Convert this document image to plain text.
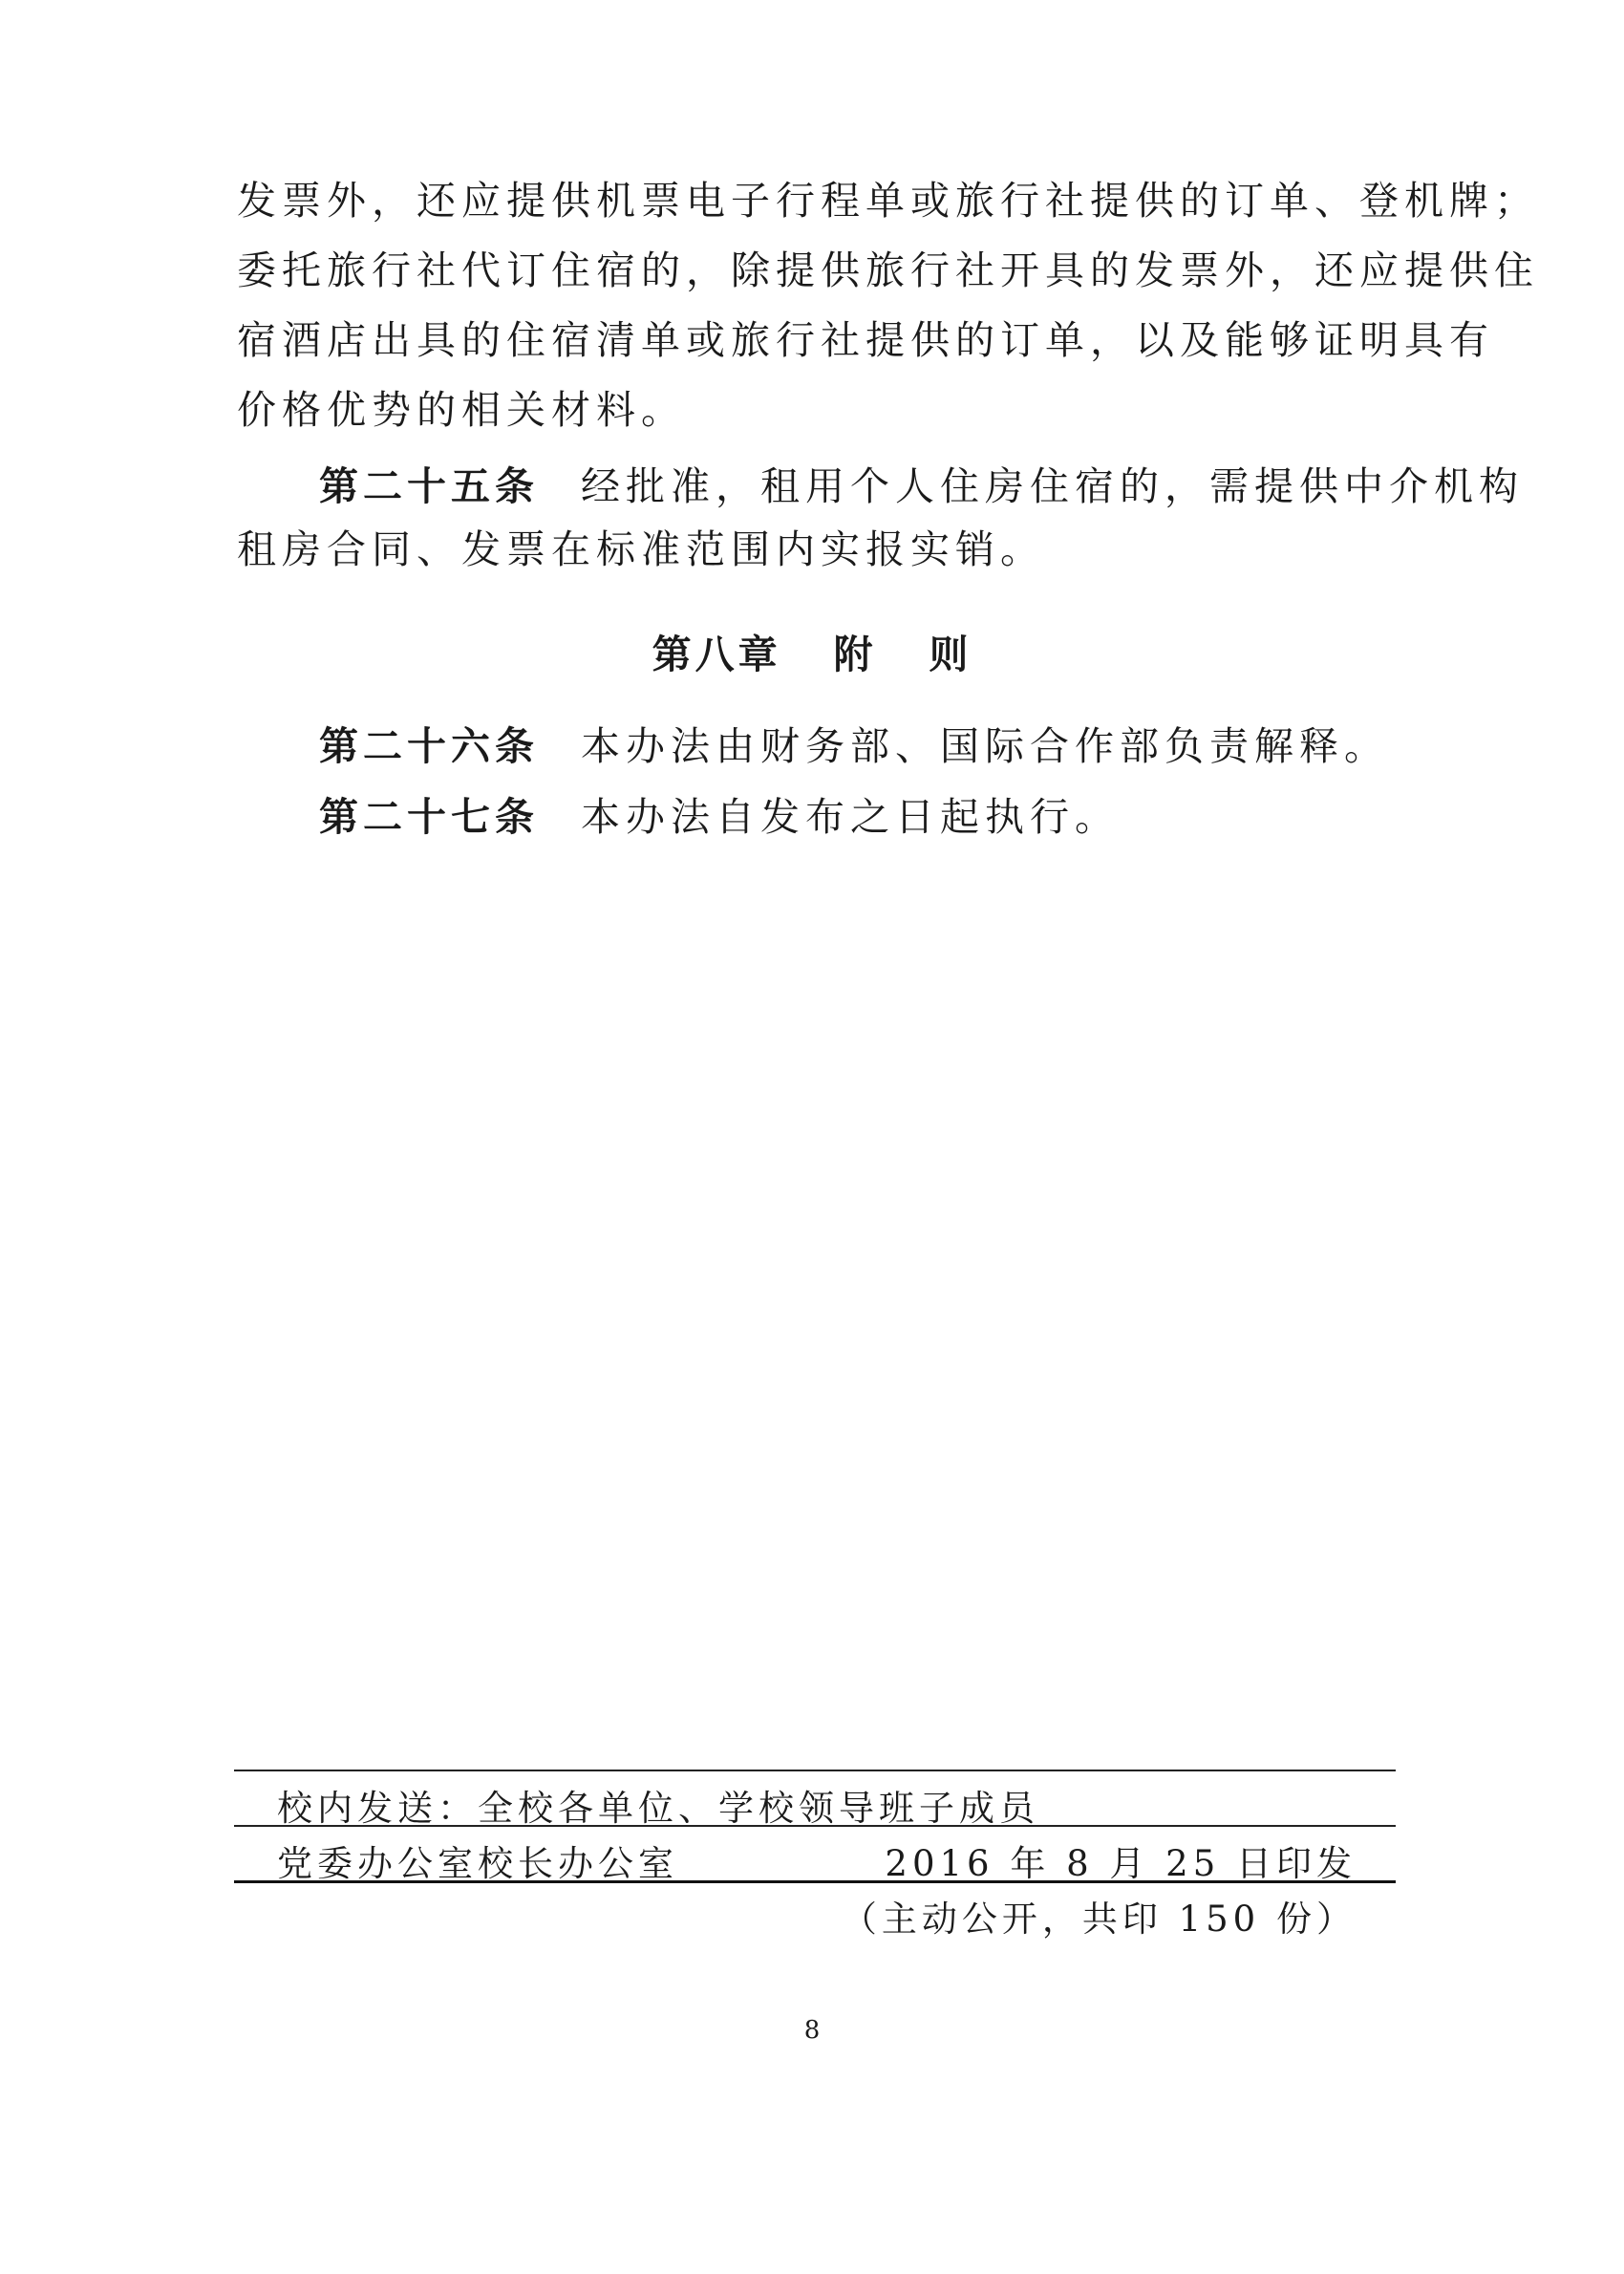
发票外，还应提供机票电子行程单或旅行社提供的订单、登机牌；
委托旅行社代订住宿的，除提供旅行社开具的发票外，还应提供住
宿酒店出具的住宿清单或旅行社提供的订单，以及能够证明具有
价格优势的相关材料。
第二十五条 经批准，租用个人住房住宿的，需提供中介机构
租房合同、发票在标准范围内实报实销。
第八章   附   则
第二十六条 本办法由财务部、国际合作部负责解释。
第二十七条 本办法自发布之日起执行。
校内发送：全校各单位、学校领导班子成员
党委办公室校长办公室	2016 年 8 月 25 日印发
（主动公开，共印 150 份）
8
